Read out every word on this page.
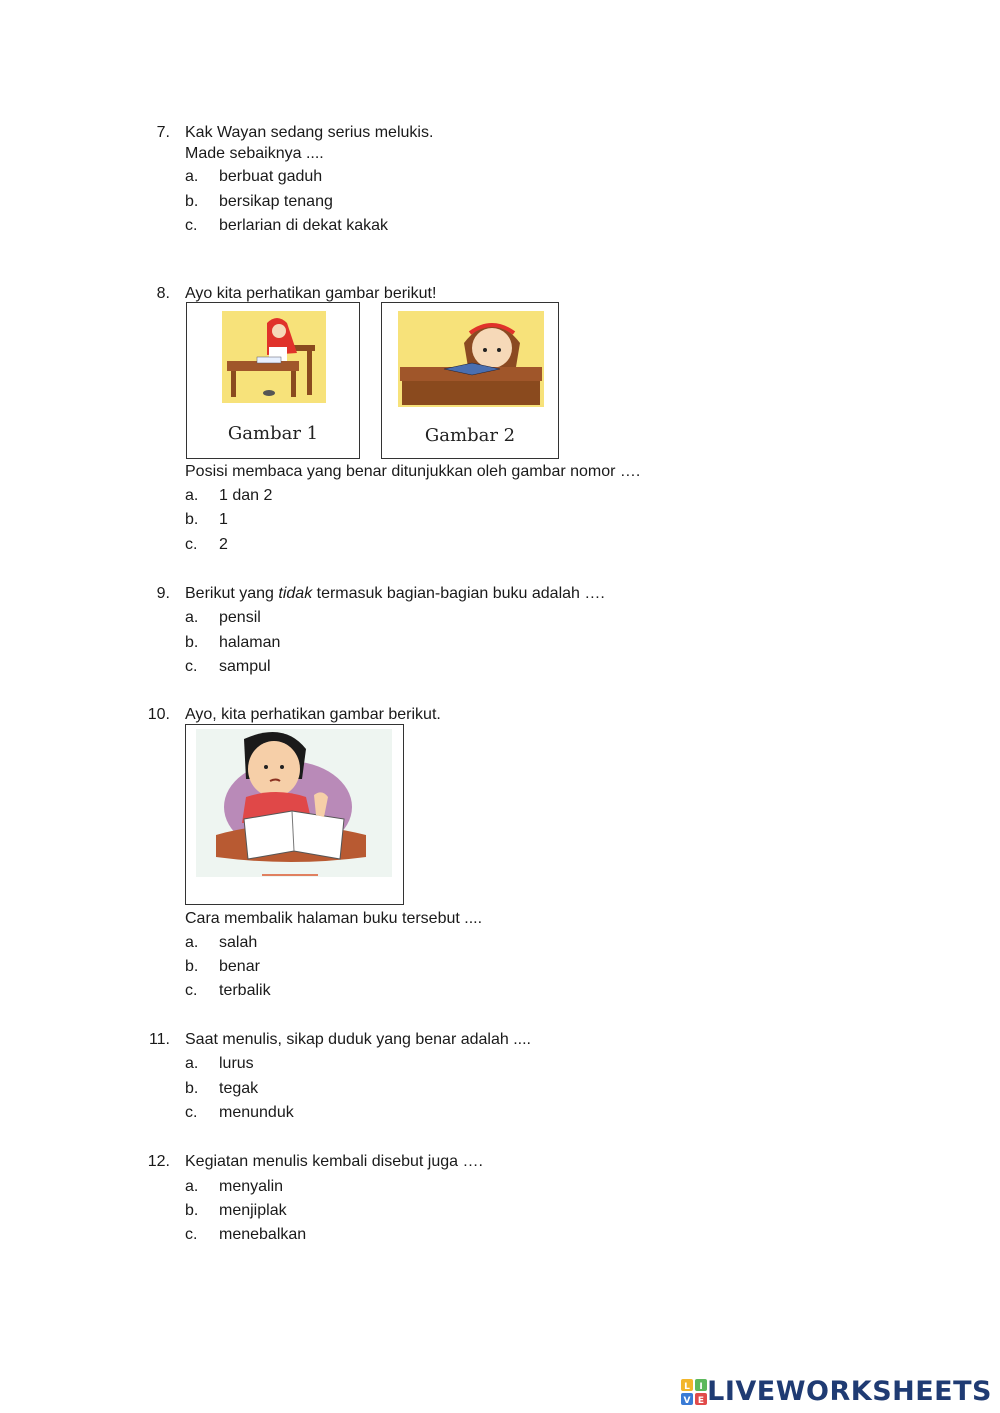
7. Kak Wayan sedang serius melukis.
Made sebaiknya ....
a. berbuat gaduh
b. bersikap tenang
c. berlarian di dekat kakak
8. Ayo kita perhatikan gambar berikut!
Gambar 1	Gambar 2
Posisi membaca yang benar ditunjukkan oleh gambar nomor ….
a. 1 dan 2
b. 1
c. 2
9. Berikut yang tidak termasuk bagian-bagian buku adalah ….
a. pensil
b. halaman
c. sampul
10. Ayo, kita perhatikan gambar berikut.
Cara membalik halaman buku tersebut ....
a. salah
b. benar
c. terbalik
11. Saat menulis, sikap duduk yang benar adalah ....
a. lurus
b. tegak
c. menunduk
12. Kegiatan menulis kembali disebut juga ….
a. menyalin
b. menjiplak
c. menebalkan
L I
V E LIVEWORKSHEETS
